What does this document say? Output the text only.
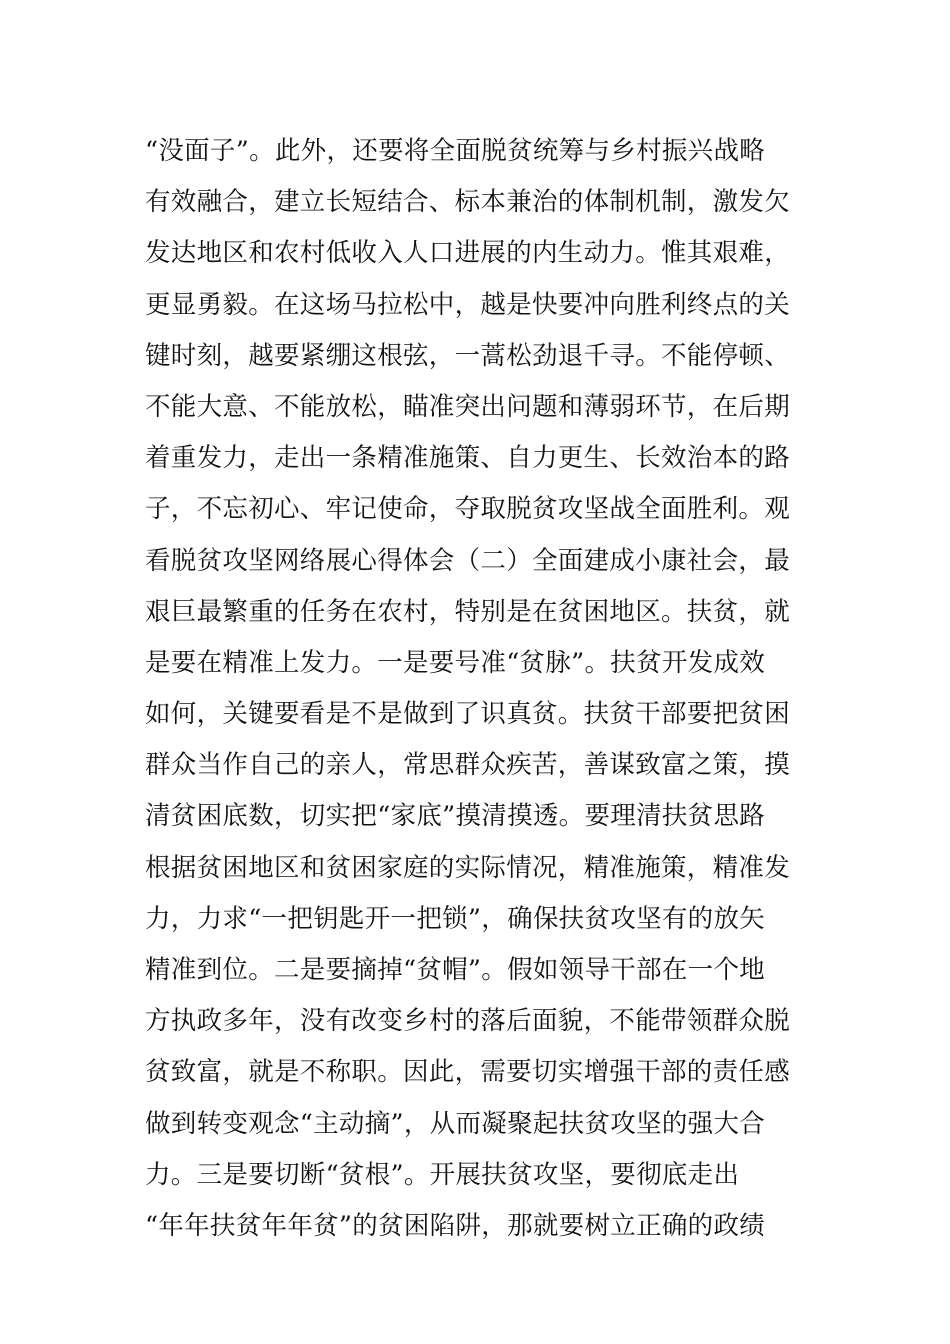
“没面子”。此外，还要将全面脱贫统筹与乡村振兴战略
有效融合，建立长短结合、标本兼治的体制机制，激发欠
发达地区和农村低收入人口进展的内生动力。惟其艰难，
更显勇毅。在这场马拉松中，越是快要冲向胜利终点的关
键时刻，越要紧绷这根弦，一蒿松劲退千寻。不能停顿、
不能大意、不能放松，瞄准突出问题和薄弱环节，在后期
着重发力，走出一条精准施策、自力更生、长效治本的路
子，不忘初心、牢记使命，夺取脱贫攻坚战全面胜利。观
看脱贫攻坚网络展心得体会（二）全面建成小康社会，最
艰巨最繁重的任务在农村，特别是在贫困地区。扶贫，就
是要在精准上发力。一是要号准“贫脉”。扶贫开发成效
如何，关键要看是不是做到了识真贫。扶贫干部要把贫困
群众当作自己的亲人，常思群众疾苦，善谋致富之策，摸
清贫困底数，切实把“家底”摸清摸透。要理清扶贫思路
根据贫困地区和贫困家庭的实际情况，精准施策，精准发
力，力求“一把钥匙开一把锁”，确保扶贫攻坚有的放矢
精准到位。二是要摘掉“贫帽”。假如领导干部在一个地
方执政多年，没有改变乡村的落后面貌，不能带领群众脱
贫致富，就是不称职。因此，需要切实增强干部的责任感
做到转变观念“主动摘”，从而凝聚起扶贫攻坚的强大合
力。三是要切断“贫根”。开展扶贫攻坚，要彻底走出
“年年扶贫年年贫”的贫困陷阱，那就要树立正确的政绩
